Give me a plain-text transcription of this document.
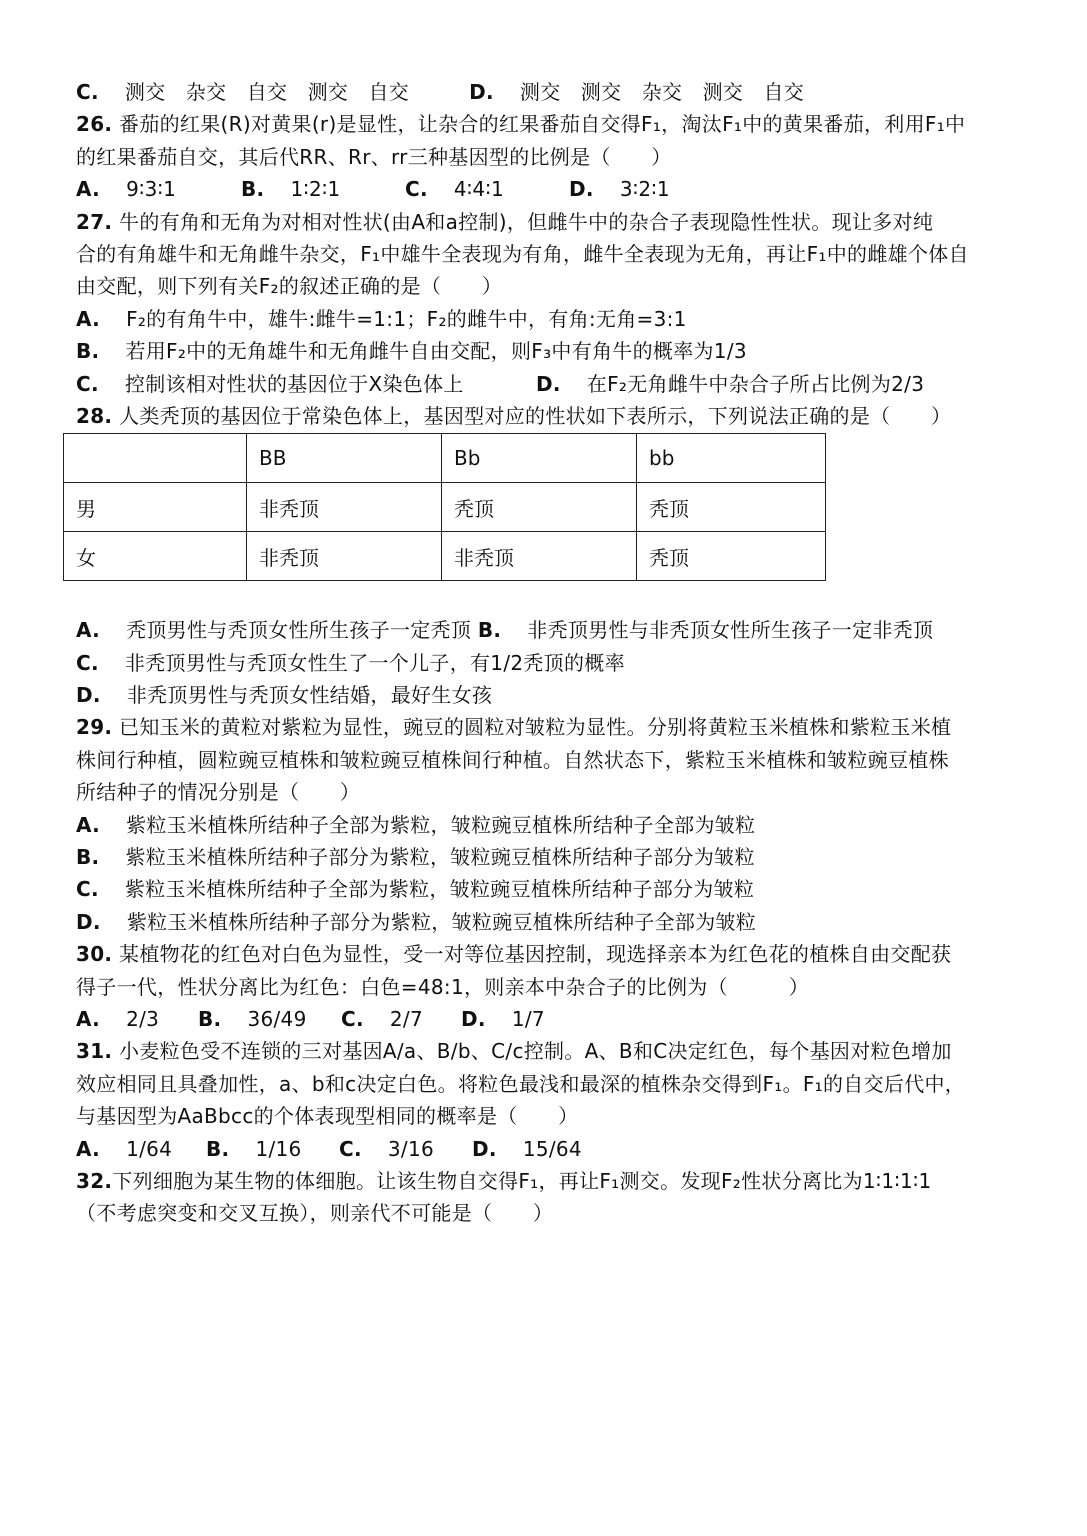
C. 测交　杂交　自交　测交　自交	D. 测交　测交　杂交　测交　自交
26. 番茄的红果(R)对黄果(r)是显性，让杂合的红果番茄自交得F₁，淘汰F₁中的黄果番茄，利用F₁中
的红果番茄自交，其后代RR、Rr、rr三种基因型的比例是（　　）
A. 9∶3∶1	B. 1∶2∶1	C. 4∶4∶1	D. 3∶2∶1
27. 牛的有角和无角为对相对性状(由A和a控制)，但雌牛中的杂合子表现隐性性状。现让多对纯
合的有角雄牛和无角雌牛杂交，F₁中雄牛全表现为有角，雌牛全表现为无角，再让F₁中的雌雄个体自
由交配，则下列有关F₂的叙述正确的是（　　）
A. F₂的有角牛中，雄牛:雌牛=1:1；F₂的雌牛中，有角:无角=3:1
B. 若用F₂中的无角雄牛和无角雌牛自由交配，则F₃中有角牛的概率为1/3
C. 控制该相对性状的基因位于X染色体上	D. 在F₂无角雌牛中杂合子所占比例为2/3
28. 人类秃顶的基因位于常染色体上，基因型对应的性状如下表所示，下列说法正确的是（　　）
	BB	Bb	bb
男	非秃顶	秃顶	秃顶
女	非秃顶	非秃顶	秃顶
A. 秃顶男性与秃顶女性所生孩子一定秃顶 B. 非秃顶男性与非秃顶女性所生孩子一定非秃顶
C. 非秃顶男性与秃顶女性生了一个儿子，有1/2秃顶的概率
D. 非秃顶男性与秃顶女性结婚，最好生女孩
29. 已知玉米的黄粒对紫粒为显性，豌豆的圆粒对皱粒为显性。分别将黄粒玉米植株和紫粒玉米植
株间行种植，圆粒豌豆植株和皱粒豌豆植株间行种植。自然状态下，紫粒玉米植株和皱粒豌豆植株
所结种子的情况分别是（　　）
A. 紫粒玉米植株所结种子全部为紫粒，皱粒豌豆植株所结种子全部为皱粒
B. 紫粒玉米植株所结种子部分为紫粒，皱粒豌豆植株所结种子部分为皱粒
C. 紫粒玉米植株所结种子全部为紫粒，皱粒豌豆植株所结种子部分为皱粒
D. 紫粒玉米植株所结种子部分为紫粒，皱粒豌豆植株所结种子全部为皱粒
30. 某植物花的红色对白色为显性，受一对等位基因控制，现选择亲本为红色花的植株自由交配获
得子一代，性状分离比为红色：白色=48:1，则亲本中杂合子的比例为（　　　）
A. 2/3 B. 36/49 C. 2/7 D. 1/7
31. 小麦粒色受不连锁的三对基因A/a、B/b、C/c控制。A、B和C决定红色，每个基因对粒色增加
效应相同且具叠加性，a、b和c决定白色。将粒色最浅和最深的植株杂交得到F₁。F₁的自交后代中，
与基因型为AaBbcc的个体表现型相同的概率是（　　）
A. 1/64 B. 1/16 C. 3/16 D. 15/64
32.下列细胞为某生物的体细胞。让该生物自交得F₁，再让F₁测交。发现F₂性状分离比为1∶1∶1∶1
（不考虑突变和交叉互换），则亲代不可能是（　　）
